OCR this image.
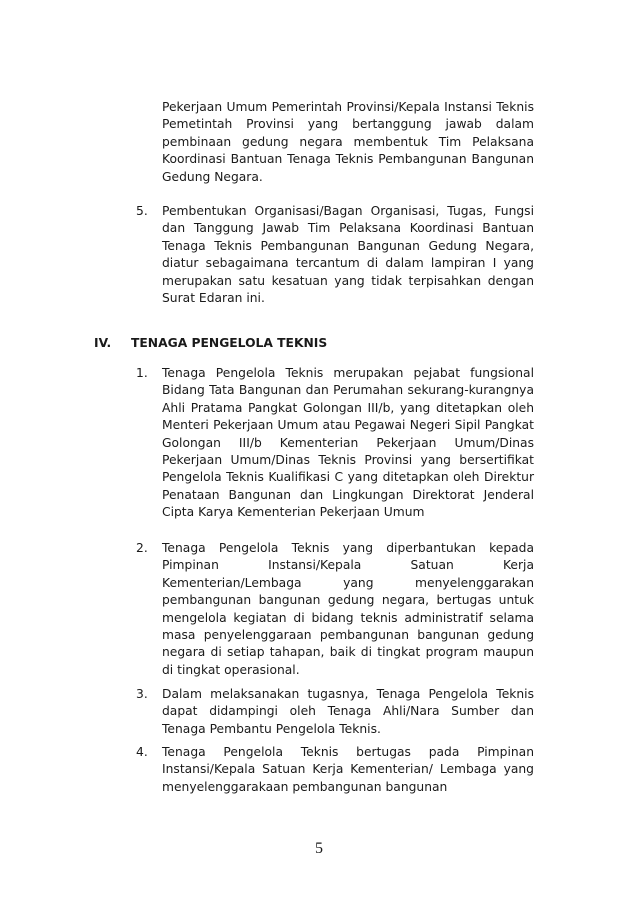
Pekerjaan Umum Pemerintah Provinsi/Kepala Instansi Teknis Pemetintah Provinsi yang bertanggung jawab dalam pembinaan gedung negara membentuk Tim Pelaksana Koordinasi Bantuan Tenaga Teknis Pembangunan Bangunan Gedung Negara.

5. Pembentukan Organisasi/Bagan Organisasi, Tugas, Fungsi dan Tanggung Jawab Tim Pelaksana Koordinasi Bantuan Tenaga Teknis Pembangunan Bangunan Gedung Negara, diatur sebagaimana tercantum di dalam lampiran I yang merupakan satu kesatuan yang tidak terpisahkan dengan Surat Edaran ini.

IV. TENAGA PENGELOLA TEKNIS
1. Tenaga Pengelola Teknis merupakan pejabat fungsional Bidang Tata Bangunan dan Perumahan sekurang-kurangnya Ahli Pratama Pangkat Golongan III/b, yang ditetapkan oleh Menteri Pekerjaan Umum atau Pegawai Negeri Sipil Pangkat Golongan III/b Kementerian Pekerjaan Umum/Dinas Pekerjaan Umum/Dinas Teknis Provinsi yang bersertifikat Pengelola Teknis Kualifikasi C yang ditetapkan oleh Direktur Penataan Bangunan dan Lingkungan Direktorat Jenderal Cipta Karya Kementerian Pekerjaan Umum

2. Tenaga Pengelola Teknis yang diperbantukan kepada Pimpinan Instansi/Kepala Satuan Kerja Kementerian/Lembaga yang menyelenggarakan pembangunan bangunan gedung negara, bertugas untuk mengelola kegiatan di bidang teknis administratif selama masa penyelenggaraan pembangunan bangunan gedung negara di setiap tahapan, baik di tingkat program maupun di tingkat operasional.

3. Dalam melaksanakan tugasnya, Tenaga Pengelola Teknis dapat didampingi oleh Tenaga Ahli/Nara Sumber dan Tenaga Pembantu Pengelola Teknis.

4. Tenaga Pengelola Teknis bertugas pada Pimpinan Instansi/Kepala Satuan Kerja Kementerian/ Lembaga yang menyelenggarakaan pembangunan bangunan

5
